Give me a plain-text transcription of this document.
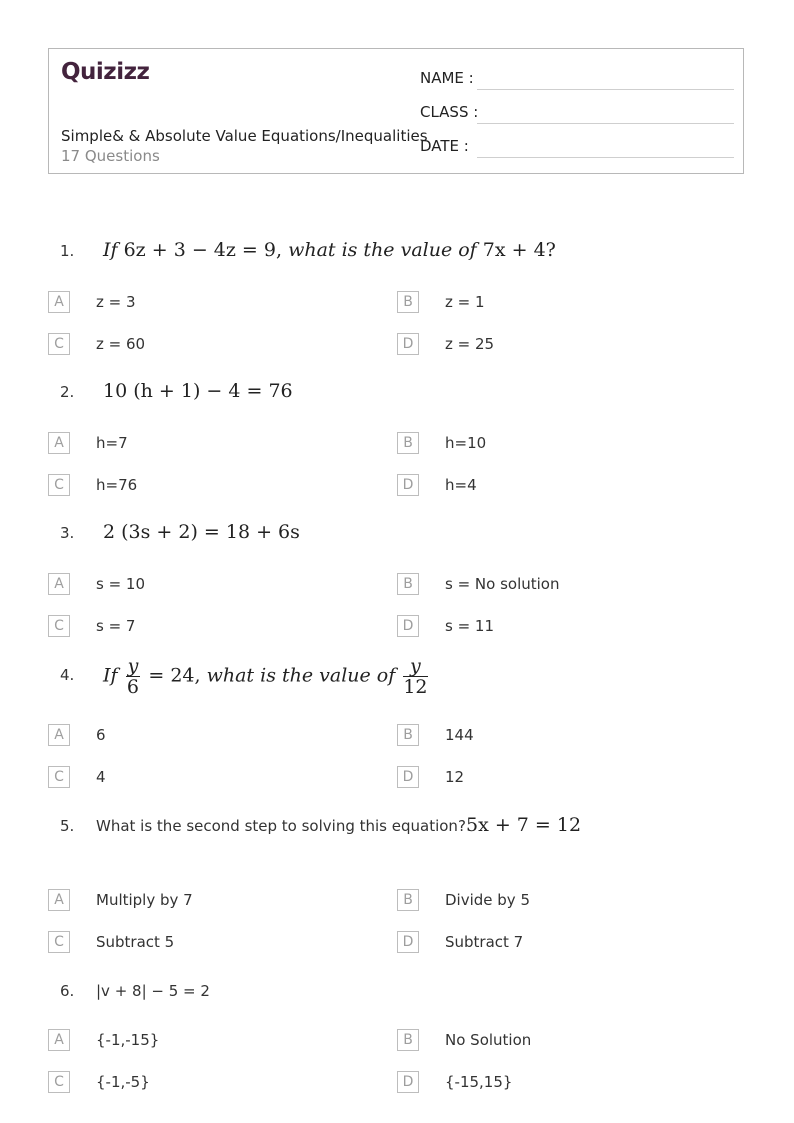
Quizizz
Simple& & Absolute Value Equations/Inequalities
17 Questions
NAME :
CLASS :
DATE :
1. If 6z + 3 − 4z = 9, what is the value of 7x + 4?
A	z = 3	B	z = 1
C	z = 60	D	z = 25
2. 10 (h + 1) − 4 = 76
A	h=7	B	h=10
C	h=76	D	h=4
3. 2 (3s + 2) = 18 + 6s
A	s = 10	B	s = No solution
C	s = 7	D	s = 11
4. If $\frac{y}{6} = 24$, what is the value of $\frac{y}{12}$
A	6	B	144
C	4	D	12
5. What is the second step to solving this equation? 5x + 7 = 12
A	Multiply by 7	B	Divide by 5
C	Subtract 5	D	Subtract 7
6. |v + 8| − 5 = 2
A	{-1,-15}	B	No Solution
C	{-1,-5}	D	{-15,15}
